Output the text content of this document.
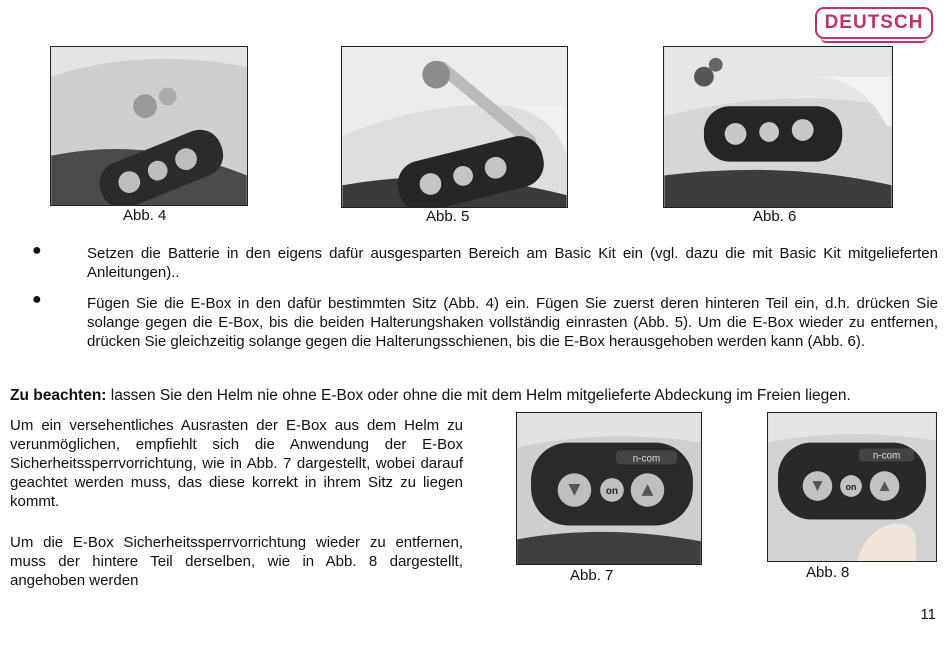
DEUTSCH
Abb. 4	Abb. 5	Abb. 6
●	Setzen die Batterie in den eigens dafür ausgesparten Bereich am Basic Kit ein (vgl. dazu die mit Basic Kit mitgelieferten Anleitungen)..
●	Fügen Sie die E-Box in den dafür bestimmten Sitz (Abb. 4) ein. Fügen Sie zuerst deren hinteren Teil ein, d.h. drücken Sie solange gegen die E-Box, bis die beiden Halterungshaken vollständig einrasten (Abb. 5). Um die E-Box wieder zu entfernen, drücken Sie gleichzeitig solange gegen die Halterungsschienen, bis die E-Box herausgehoben werden kann (Abb. 6).
Zu beachten: lassen Sie den Helm nie ohne E-Box oder ohne die mit dem Helm mitgelieferte Abdeckung im Freien liegen.
Um ein versehentliches Ausrasten der E-Box aus dem Helm zu verunmöglichen, empfiehlt sich die Anwendung der E-Box Sicherheitssperrvorrichtung, wie in Abb. 7 dargestellt, wobei darauf geachtet werden muss, das diese korrekt in ihrem Sitz zu liegen kommt.
Um die E-Box Sicherheitssperrvorrichtung wieder zu entfernen, muss der hintere Teil derselben, wie in Abb. 8 dargestellt, angehoben werden
n-com
on
Abb. 7
n-com
on
Abb. 8
11
